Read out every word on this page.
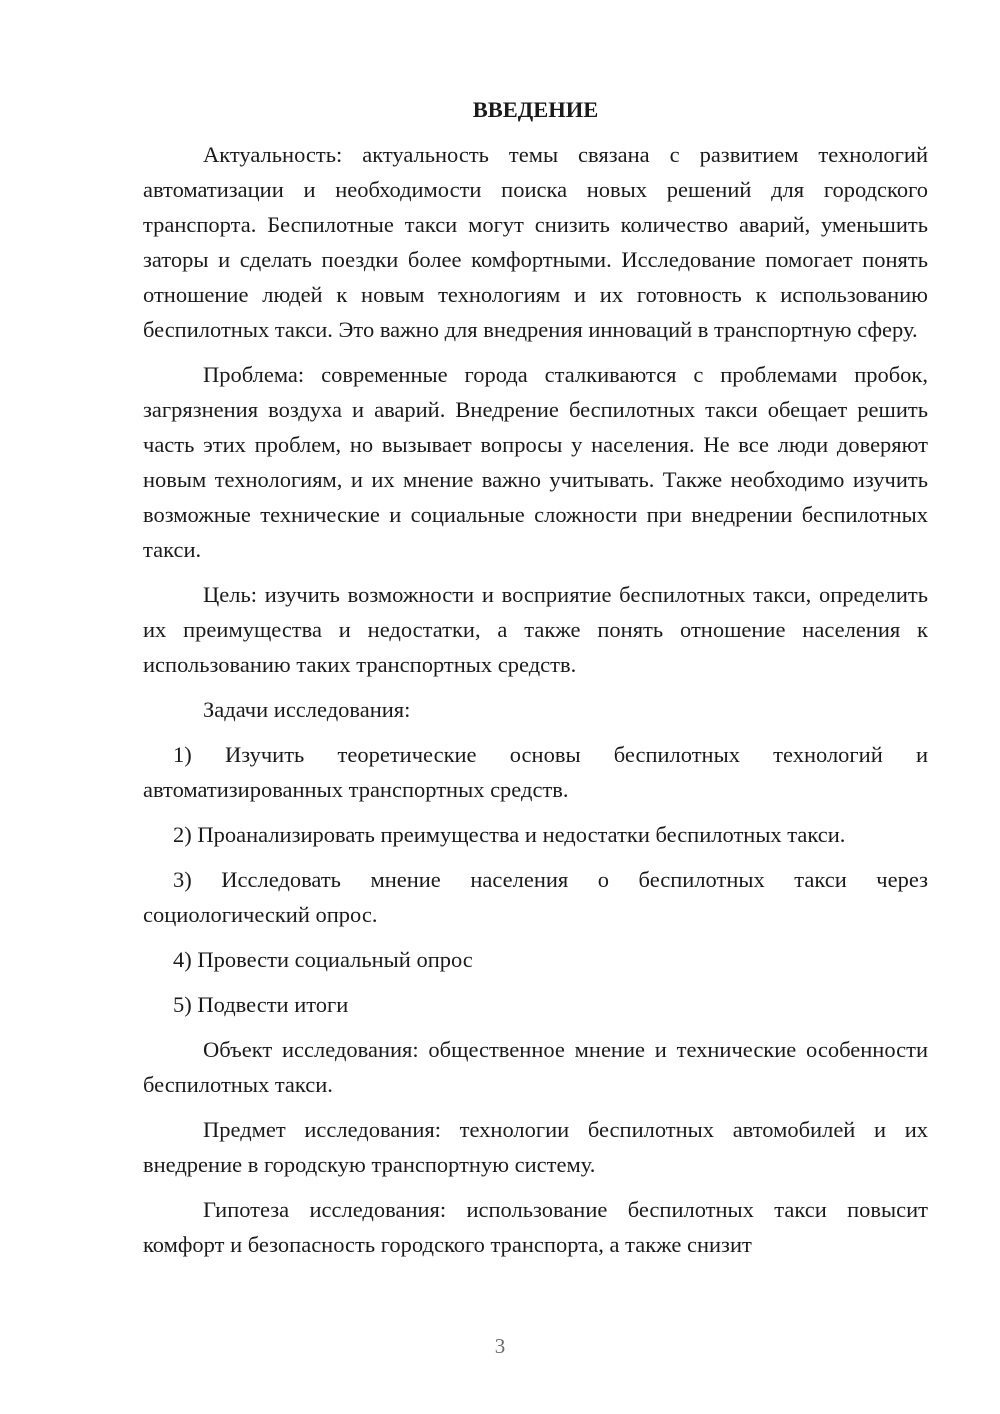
ВВЕДЕНИЕ

Актуальность: актуальность темы связана с развитием технологий автоматизации и необходимости поиска новых решений для городского транспорта. Беспилотные такси могут снизить количество аварий, уменьшить заторы и сделать поездки более комфортными. Исследование помогает понять отношение людей к новым технологиям и их готовность к использованию беспилотных такси. Это важно для внедрения инноваций в транспортную сферу.

Проблема: современные города сталкиваются с проблемами пробок, загрязнения воздуха и аварий. Внедрение беспилотных такси обещает решить часть этих проблем, но вызывает вопросы у населения. Не все люди доверяют новым технологиям, и их мнение важно учитывать. Также необходимо изучить возможные технические и социальные сложности при внедрении беспилотных такси.

Цель: изучить возможности и восприятие беспилотных такси, определить их преимущества и недостатки, а также понять отношение населения к использованию таких транспортных средств.

Задачи исследования:

1) Изучить теоретические основы беспилотных технологий и автоматизированных транспортных средств.

2) Проанализировать преимущества и недостатки беспилотных такси.

3) Исследовать мнение населения о беспилотных такси через социологический опрос.

4) Провести социальный опрос

5) Подвести итоги

Объект исследования: общественное мнение и технические особенности беспилотных такси.

Предмет исследования: технологии беспилотных автомобилей и их внедрение в городскую транспортную систему.

Гипотеза исследования: использование беспилотных такси повысит комфорт и безопасность городского транспорта, а также снизит

3
